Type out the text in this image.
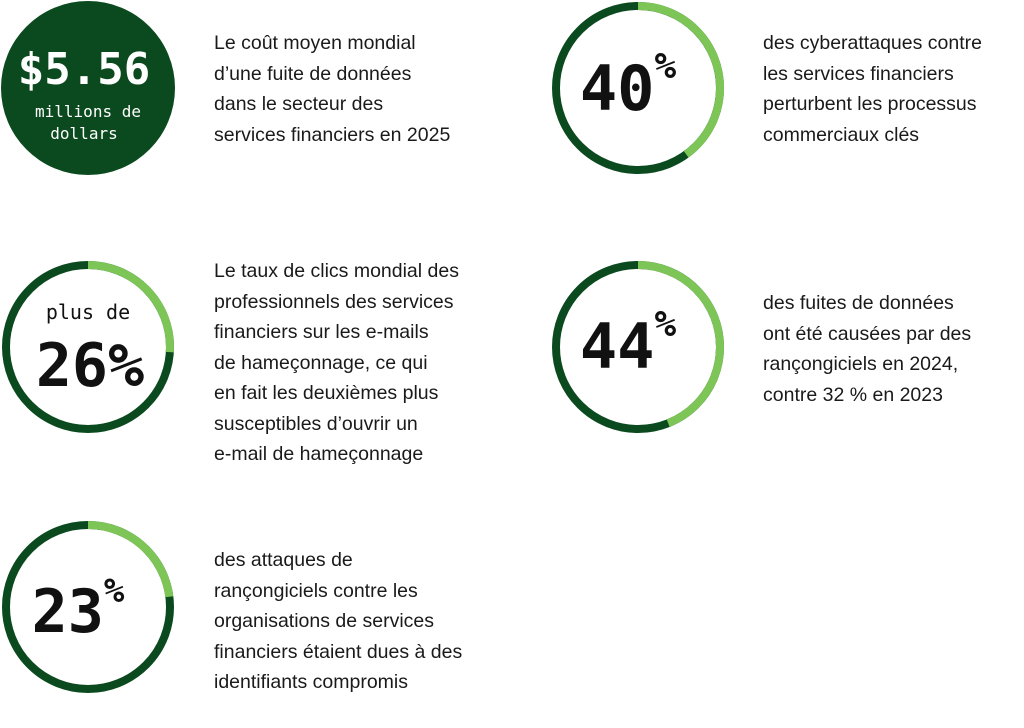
$5.56
millions de
dollars
40%
plus de
26%	44%
23%

Le coût moyen mondial
d’une fuite de données
dans le secteur des
services financiers en 2025

des cyberattaques contre
les services financiers
perturbent les processus
commerciaux clés

Le taux de clics mondial des
professionnels des services
financiers sur les e-mails
de hameçonnage, ce qui
en fait les deuxièmes plus
susceptibles d’ouvrir un
e-mail de hameçonnage

des fuites de données
ont été causées par des
rançongiciels en 2024,
contre 32 % en 2023

des attaques de
rançongiciels contre les
organisations de services
financiers étaient dues à des
identifiants compromis
